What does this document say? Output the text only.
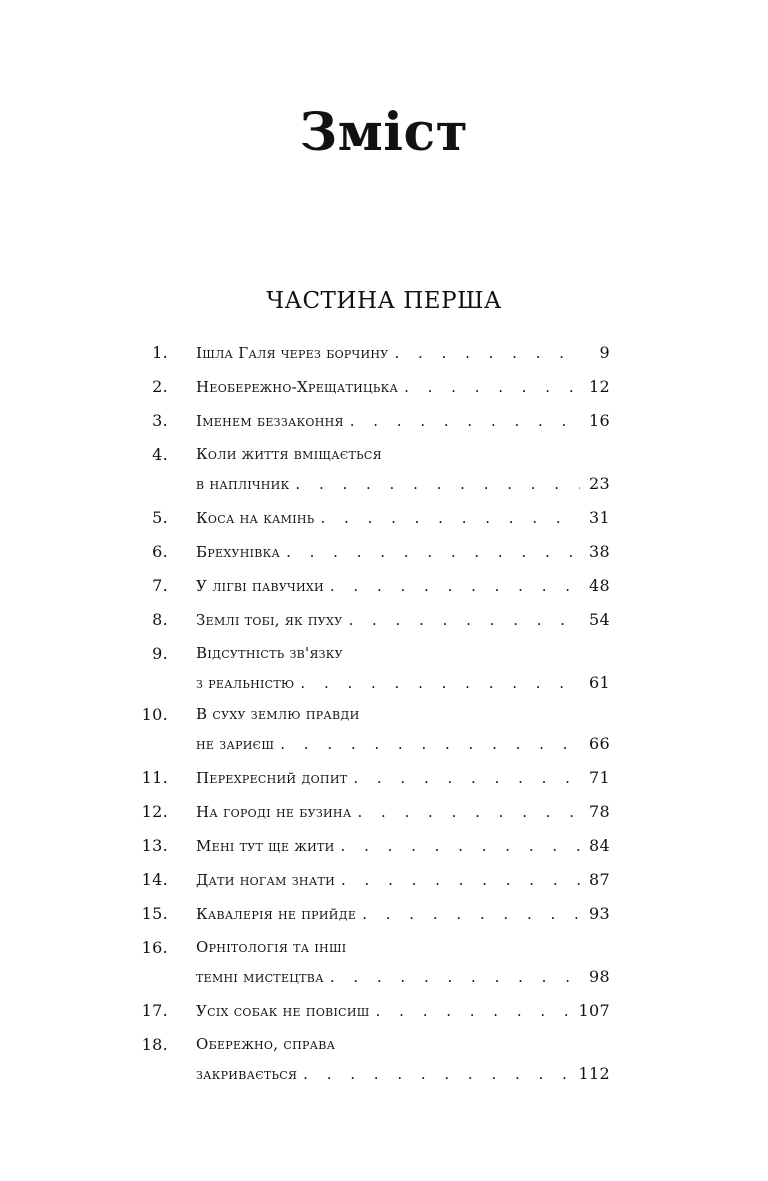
Зміст
ЧАСТИНА ПЕРША
1. Ішла Галя через борчину . . .	9
2. Необережно-Хрещатицька . . .	12
3. Іменем беззаконня . . .	16
4. Коли життя вміщається
в наплічник . . .	23
5. Коса на камінь . . .	31
6. Брехунівка . . .	38
7. У лігві павучихи . . .	48
8. Землі тобі, як пуху . . .	54
9. Відсутність зв'язку
з реальністю . . .	61
10. В суху землю правди
не зариєш . . .	66
11. Перехресний допит . . .	71
12. На городі не бузина . . .	78
13. Мені тут ще жити . . .	84
14. Дати ногам знати . . .	87
15. Кавалерія не прийде . . .	93
16. Орнітологія та інші
темні мистецтва . . .	98
17. Усіх собак не повісиш . . .	107
18. Обережно, справа
закривається . . .	112
